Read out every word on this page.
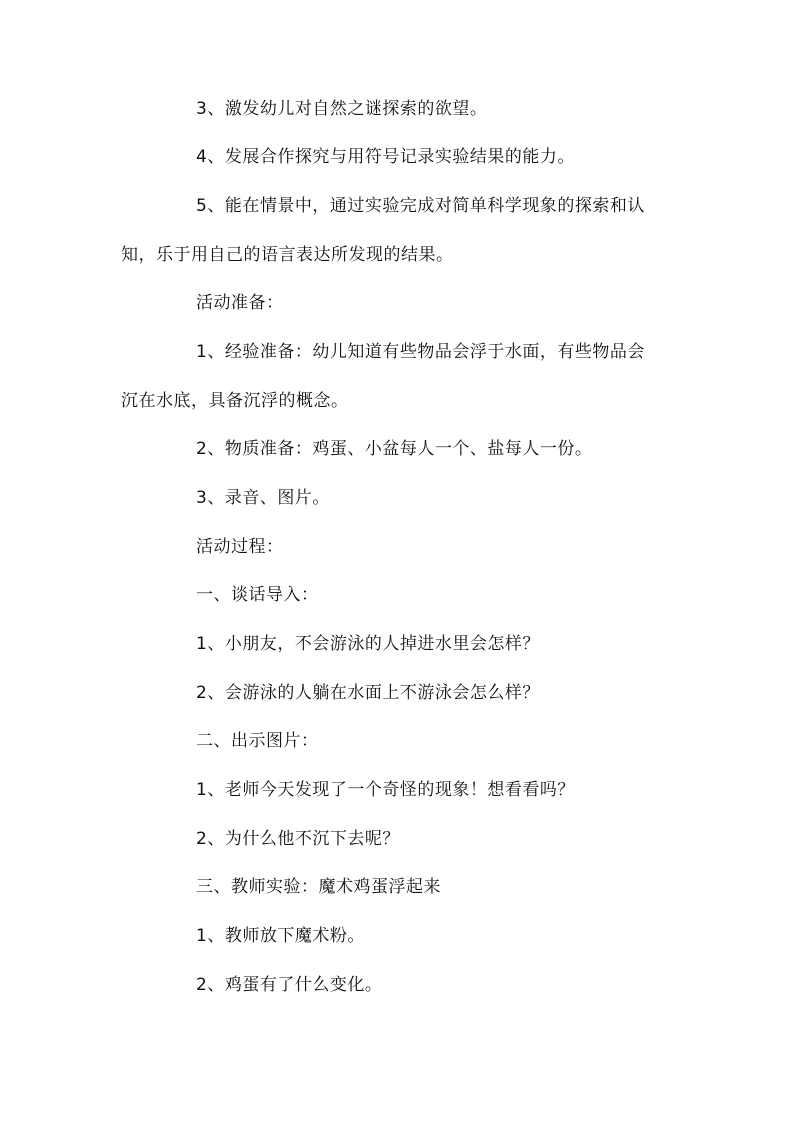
3、激发幼儿对自然之谜探索的欲望。

4、发展合作探究与用符号记录实验结果的能力。

5、能在情景中，通过实验完成对简单科学现象的探索和认

知，乐于用自己的语言表达所发现的结果。

活动准备：

1、经验准备：幼儿知道有些物品会浮于水面，有些物品会

沉在水底，具备沉浮的概念。

2、物质准备：鸡蛋、小盆每人一个、盐每人一份。

3、录音、图片。

活动过程：

一、谈话导入：

1、小朋友，不会游泳的人掉进水里会怎样？

2、会游泳的人躺在水面上不游泳会怎么样？

二、出示图片：

1、老师今天发现了一个奇怪的现象！想看看吗？

2、为什么他不沉下去呢？

三、教师实验：魔术鸡蛋浮起来

1、教师放下魔术粉。

2、鸡蛋有了什么变化。
